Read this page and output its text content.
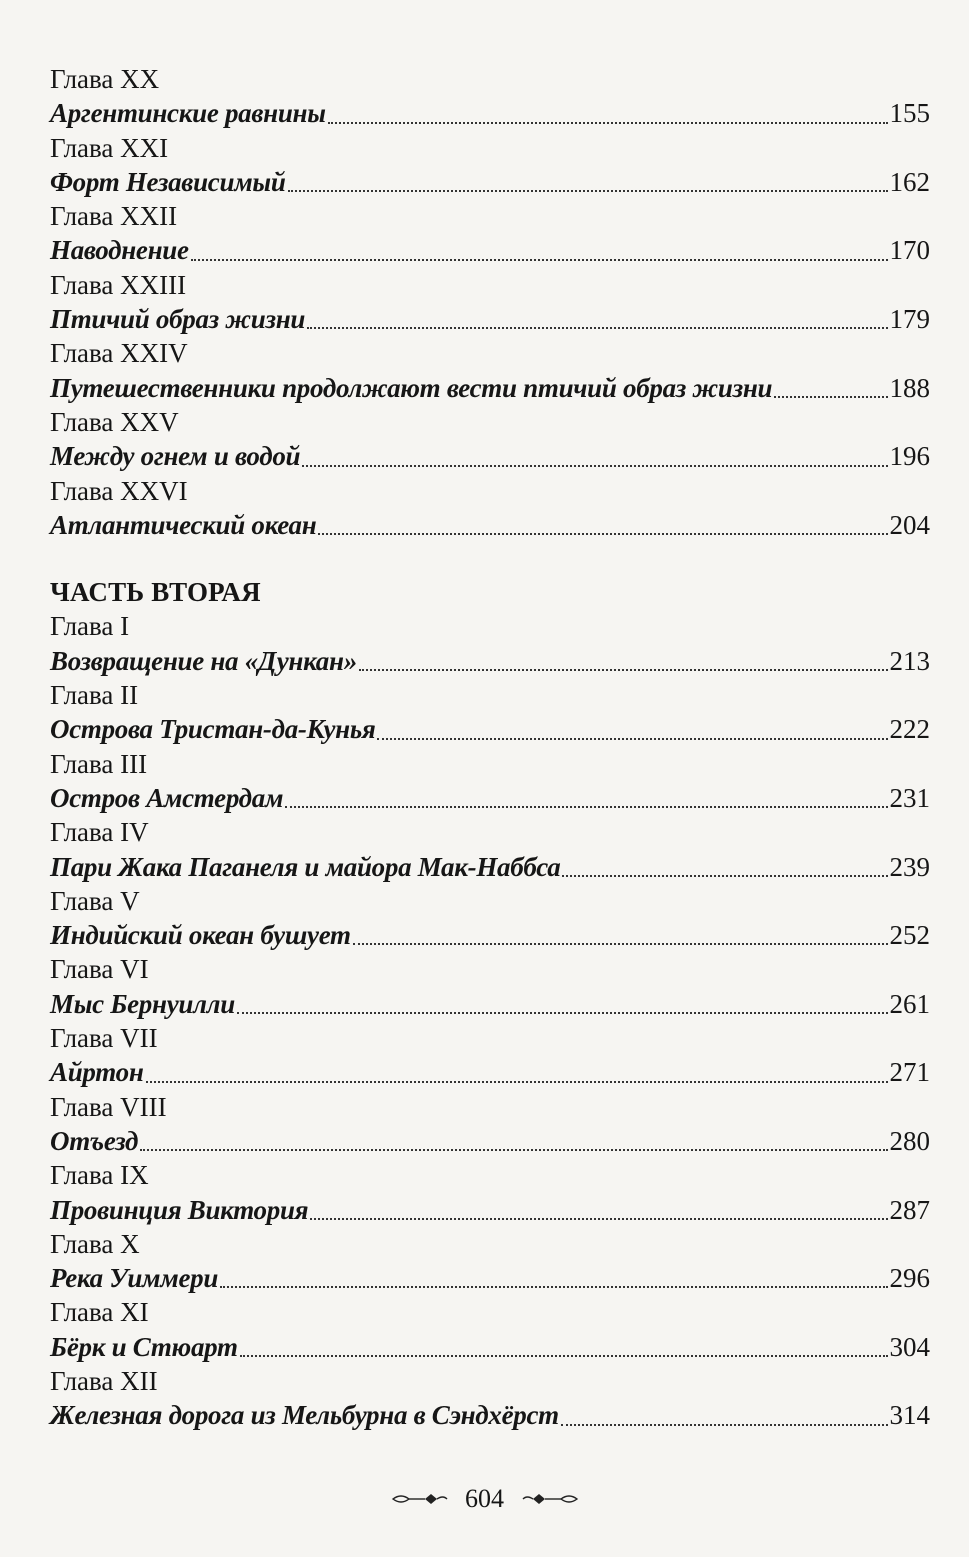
Глава XX
Аргентинские равнины	155
Глава XXI
Форт Независимый	162
Глава XXII
Наводнение	170
Глава XXIII
Птичий образ жизни	179
Глава XXIV
Путешественники продолжают вести птичий образ жизни	188
Глава XXV
Между огнем и водой	196
Глава XXVI
Атлантический океан	204
ЧАСТЬ ВТОРАЯ
Глава I
Возвращение на «Дункан»	213
Глава II
Острова Тристан-да-Кунья	222
Глава III
Остров Амстердам	231
Глава IV
Пари Жака Паганеля и майора Мак-Наббса	239
Глава V
Индийский океан бушует	252
Глава VI
Мыс Бернуилли	261
Глава VII
Айртон	271
Глава VIII
Отъезд	280
Глава IX
Провинция Виктория	287
Глава X
Река Уиммери	296
Глава XI
Бёрк и Стюарт	304
Глава XII
Железная дорога из Мельбурна в Сэндхёрст	314
604
